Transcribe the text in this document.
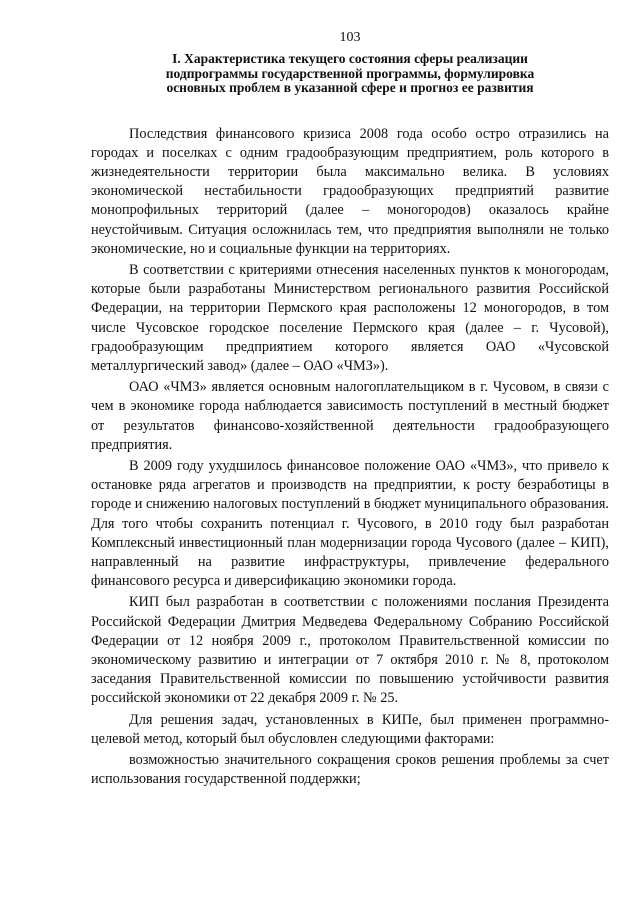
103
I. Характеристика текущего состояния сферы реализации
подпрограммы государственной программы, формулировка
основных проблем в указанной сфере и прогноз ее развития

Последствия финансового кризиса 2008 года особо остро отразились на городах и поселках с одним градообразующим предприятием, роль которого в жизнедеятельности территории была максимально велика. В условиях экономической нестабильности градообразующих предприятий развитие монопрофильных территорий (далее – моногородов) оказалось крайне неустойчивым. Ситуация осложнилась тем, что предприятия выполняли не только экономические, но и социальные функции на территориях.

В соответствии с критериями отнесения населенных пунктов к моногородам, которые были разработаны Министерством регионального развития Российской Федерации, на территории Пермского края расположены 12 моногородов, в том числе Чусовское городское поселение Пермского края (далее – г. Чусовой), градообразующим предприятием которого является ОАО «Чусовской металлургический завод» (далее – ОАО «ЧМЗ»).

ОАО «ЧМЗ» является основным налогоплательщиком в г. Чусовом, в связи с чем в экономике города наблюдается зависимость поступлений в местный бюджет от результатов финансово-хозяйственной деятельности градообразующего предприятия.

В 2009 году ухудшилось финансовое положение ОАО «ЧМЗ», что привело к остановке ряда агрегатов и производств на предприятии, к росту безработицы в городе и снижению налоговых поступлений в бюджет муниципального образования. Для того чтобы сохранить потенциал г. Чусового, в 2010 году был разработан Комплексный инвестиционный план модернизации города Чусового (далее – КИП), направленный на развитие инфраструктуры, привлечение федерального финансового ресурса и диверсификацию экономики города.

КИП был разработан в соответствии с положениями послания Президента Российской Федерации Дмитрия Медведева Федеральному Собранию Российской Федерации от 12 ноября 2009 г., протоколом Правительственной комиссии по экономическому развитию и интеграции от 7 октября 2010 г. № 8, протоколом заседания Правительственной комиссии по повышению устойчивости развития российской экономики от 22 декабря 2009 г. № 25.

Для решения задач, установленных в КИПе, был применен программно-целевой метод, который был обусловлен следующими факторами:

возможностью значительного сокращения сроков решения проблемы за счет использования государственной поддержки;
